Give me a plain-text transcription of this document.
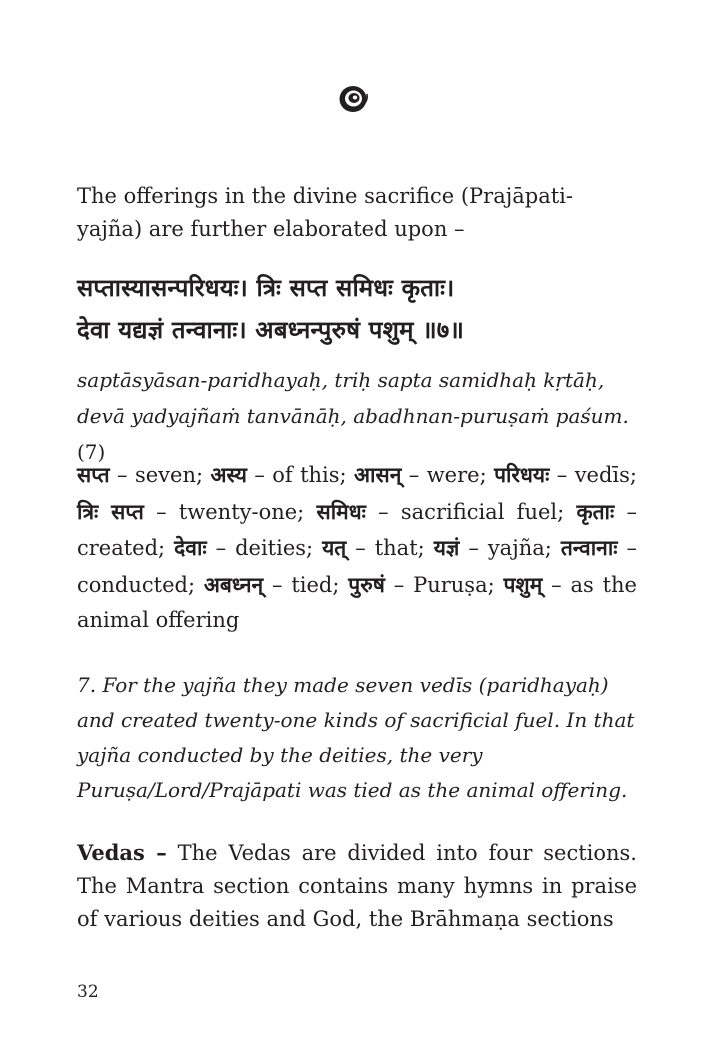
The offerings in the divine sacrifice (Prajāpati-yajña) are further elaborated upon –
सप्तास्यासन्परिधयः। त्रिः सप्त समिधः कृताः।
देवा यद्यज्ञं तन्वानाः। अबध्नन्पुरुषं पशुम् ॥७॥
saptāsyāsan-paridhayaḥ, triḥ sapta samidhaḥ kṛtāḥ,
devā yadyajñaṁ tanvānāḥ, abadhnan-puruṣaṁ paśum. (7)
सप्त – seven; अस्य – of this; आसन् – were; परिधयः – vedīs; त्रिः सप्त – twenty-one; समिधः – sacrificial fuel; कृताः – created; देवाः – deities; यत् – that; यज्ञं – yajña; तन्वानाः – conducted; अबध्नन् – tied; पुरुषं – Puruṣa; पशुम् – as the animal offering
7. For the yajña they made seven vedīs (paridhayaḥ) and created twenty-one kinds of sacrificial fuel. In that yajña conducted by the deities, the very Puruṣa/Lord/Prajāpati was tied as the animal offering.
Vedas – The Vedas are divided into four sections. The Mantra section contains many hymns in praise of various deities and God, the Brāhmaṇa sections
32
